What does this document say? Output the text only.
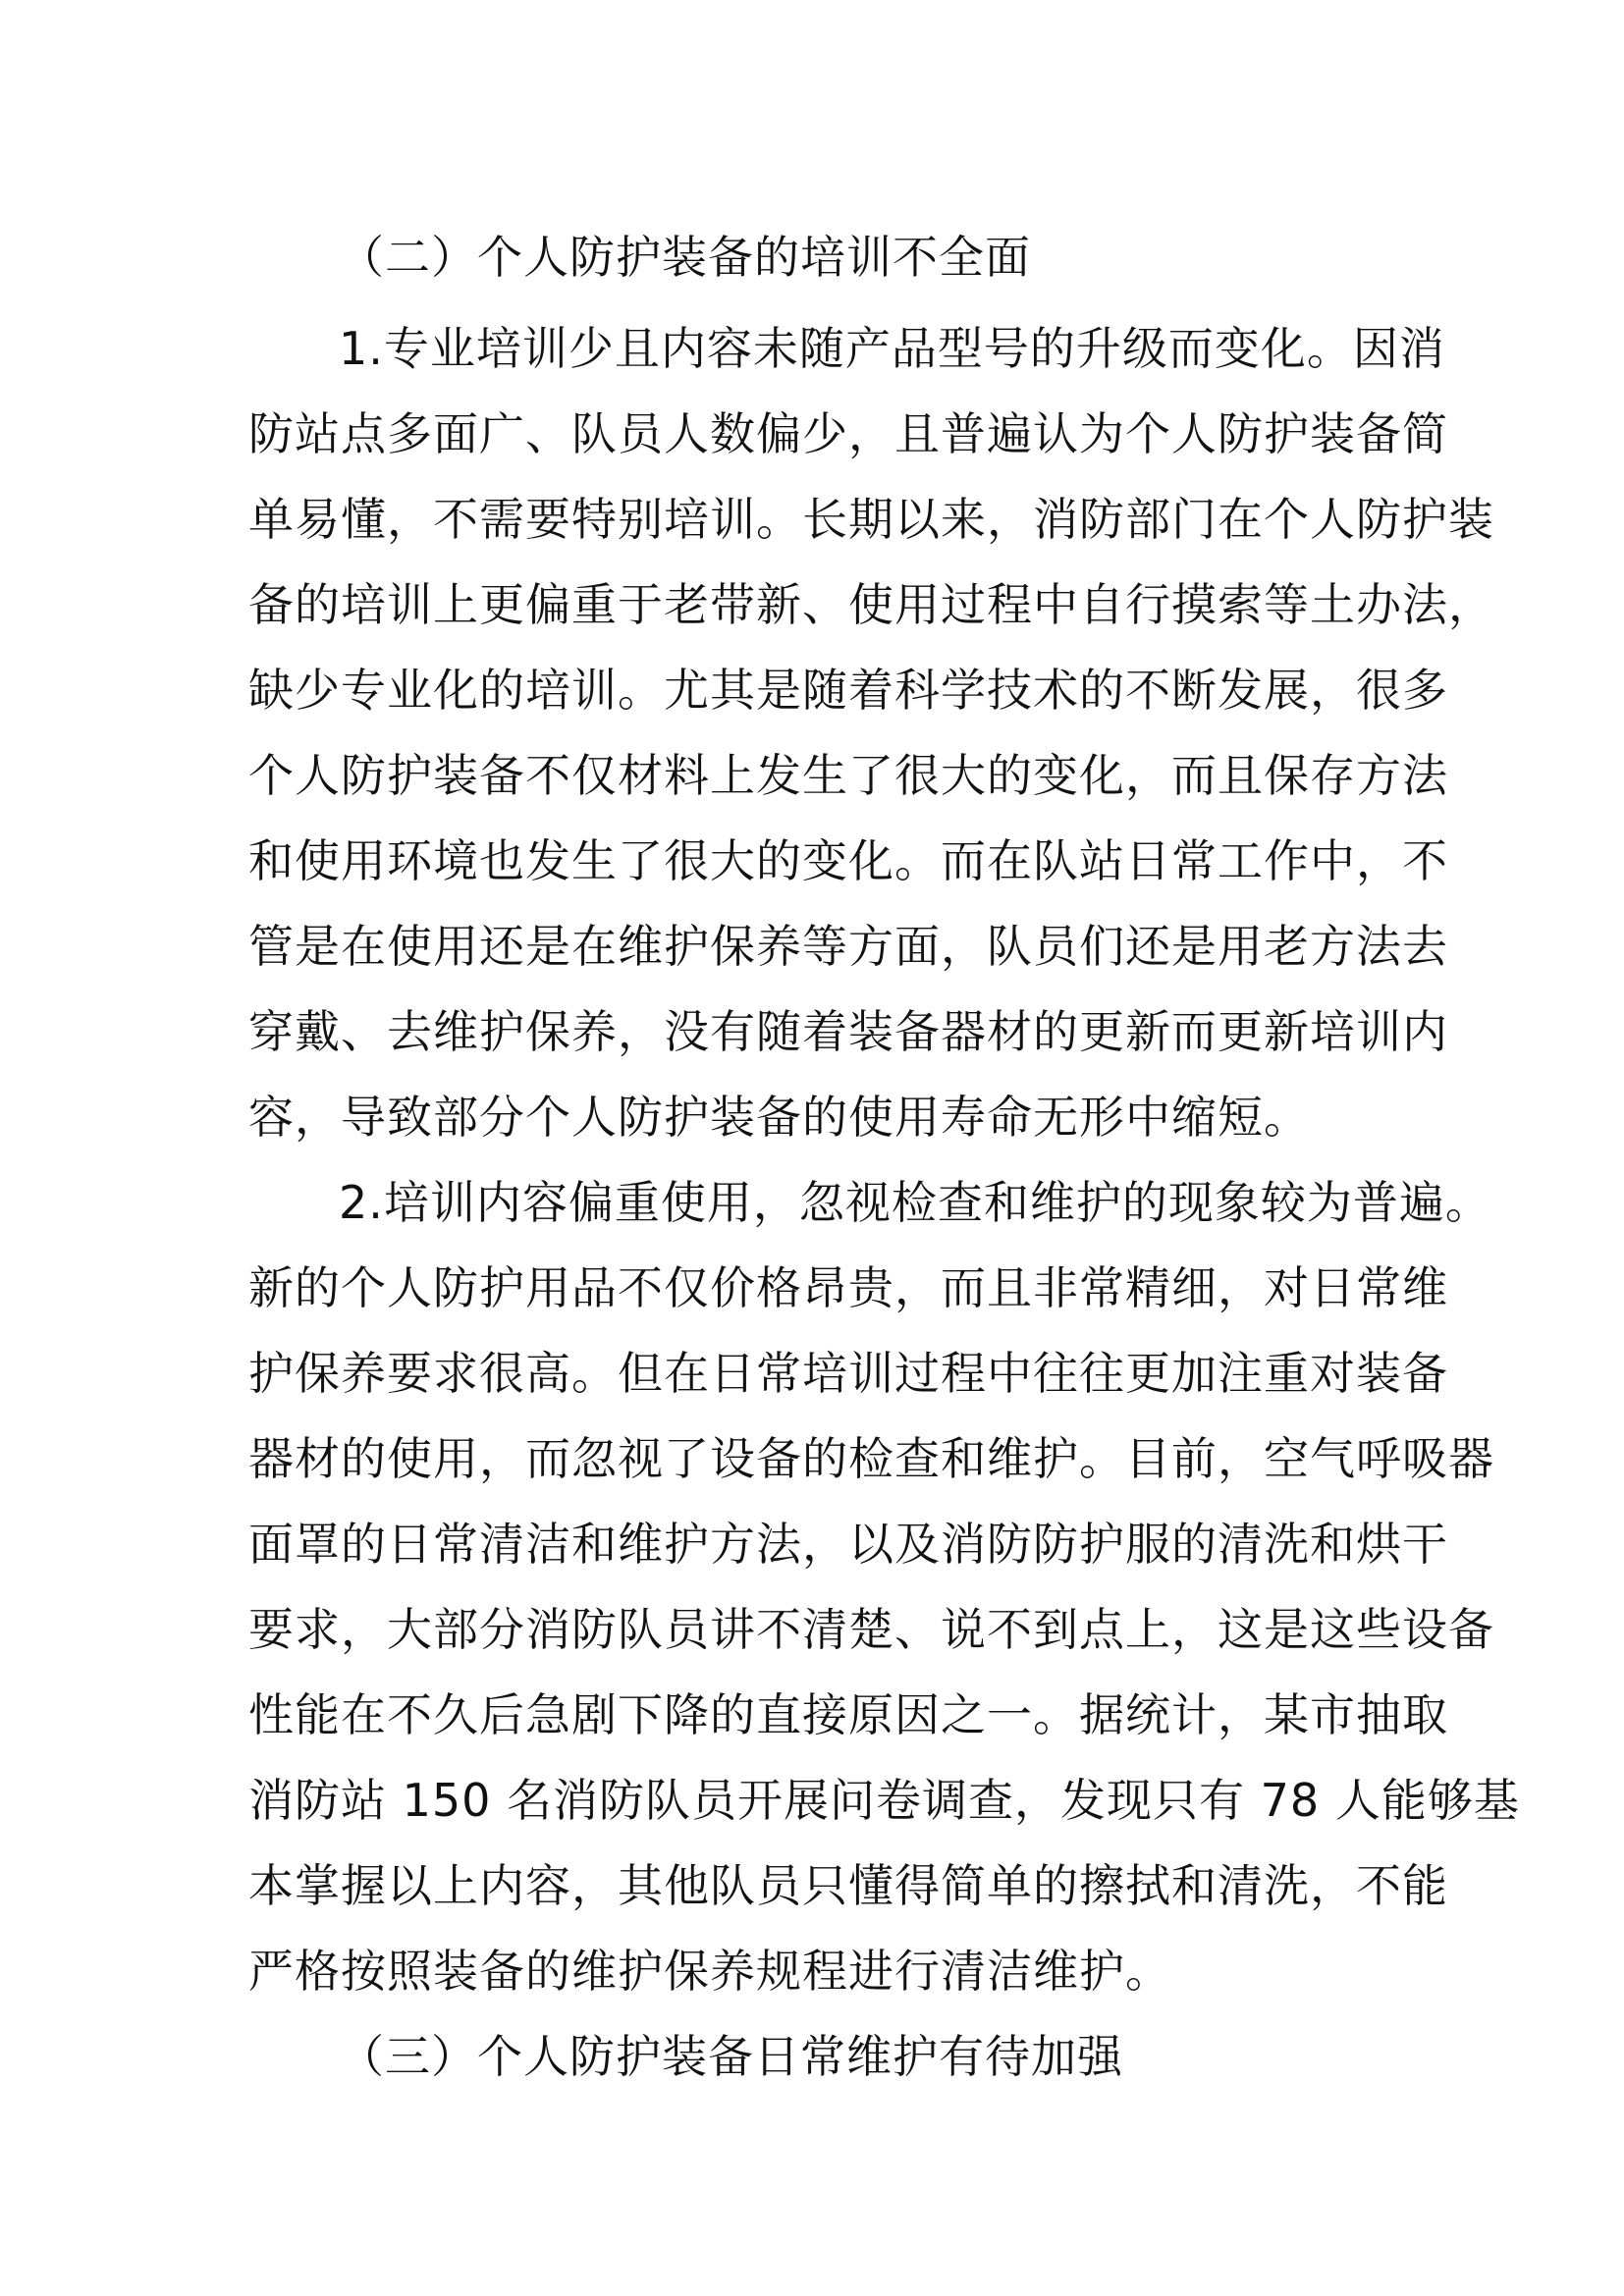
（二）个人防护装备的培训不全面
1.专业培训少且内容未随产品型号的升级而变化。因消
防站点多面广、队员人数偏少，且普遍认为个人防护装备简
单易懂，不需要特别培训。长期以来，消防部门在个人防护装
备的培训上更偏重于老带新、使用过程中自行摸索等土办法，
缺少专业化的培训。尤其是随着科学技术的不断发展，很多
个人防护装备不仅材料上发生了很大的变化，而且保存方法
和使用环境也发生了很大的变化。而在队站日常工作中，不
管是在使用还是在维护保养等方面，队员们还是用老方法去
穿戴、去维护保养，没有随着装备器材的更新而更新培训内
容，导致部分个人防护装备的使用寿命无形中缩短。
2.培训内容偏重使用，忽视检查和维护的现象较为普遍。
新的个人防护用品不仅价格昂贵，而且非常精细，对日常维
护保养要求很高。但在日常培训过程中往往更加注重对装备
器材的使用，而忽视了设备的检查和维护。目前，空气呼吸器
面罩的日常清洁和维护方法，以及消防防护服的清洗和烘干
要求，大部分消防队员讲不清楚、说不到点上，这是这些设备
性能在不久后急剧下降的直接原因之一。据统计，某市抽取
消防站 150 名消防队员开展问卷调查，发现只有 78 人能够基
本掌握以上内容，其他队员只懂得简单的擦拭和清洗，不能
严格按照装备的维护保养规程进行清洁维护。
（三）个人防护装备日常维护有待加强
